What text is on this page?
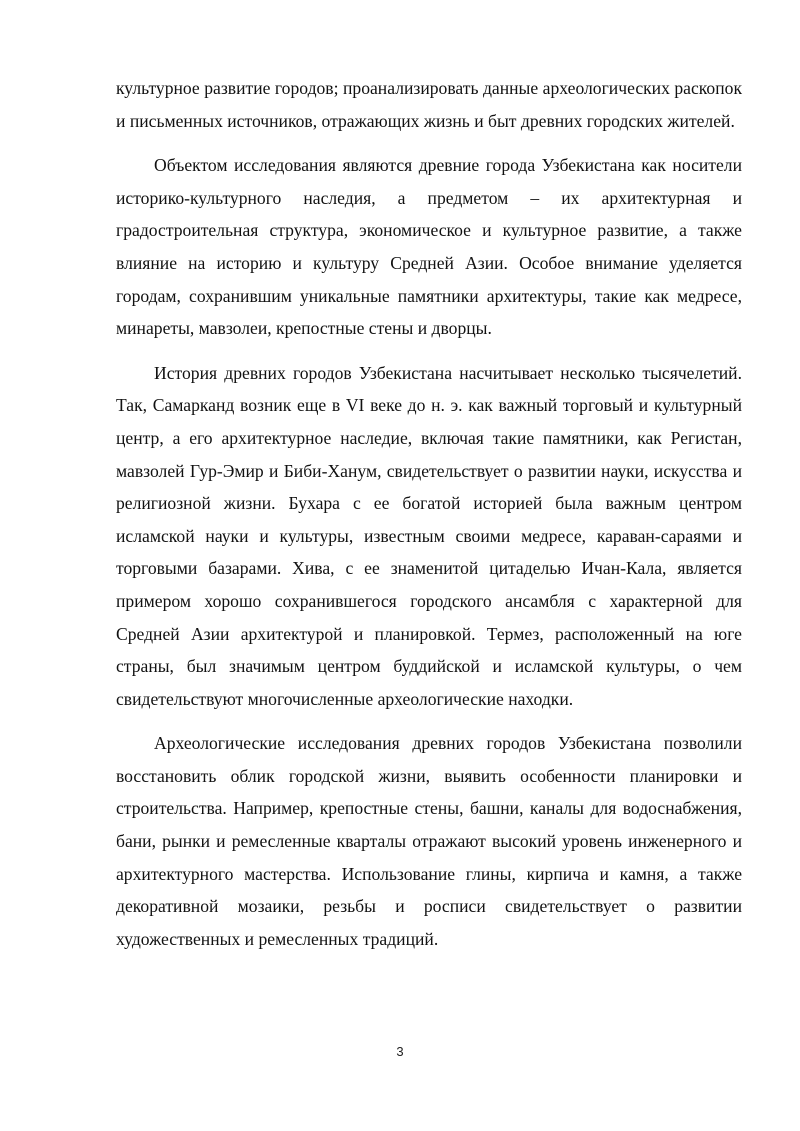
культурное развитие городов; проанализировать данные археологических раскопок и письменных источников, отражающих жизнь и быт древних городских жителей.

Объектом исследования являются древние города Узбекистана как носители историко-культурного наследия, а предметом – их архитектурная и градостроительная структура, экономическое и культурное развитие, а также влияние на историю и культуру Средней Азии. Особое внимание уделяется городам, сохранившим уникальные памятники архитектуры, такие как медресе, минареты, мавзолеи, крепостные стены и дворцы.

История древних городов Узбекистана насчитывает несколько тысячелетий. Так, Самарканд возник еще в VI веке до н. э. как важный торговый и культурный центр, а его архитектурное наследие, включая такие памятники, как Регистан, мавзолей Гур-Эмир и Биби-Ханум, свидетельствует о развитии науки, искусства и религиозной жизни. Бухара с ее богатой историей была важным центром исламской науки и культуры, известным своими медресе, караван-сараями и торговыми базарами. Хива, с ее знаменитой цитаделью Ичан-Кала, является примером хорошо сохранившегося городского ансамбля с характерной для Средней Азии архитектурой и планировкой. Термез, расположенный на юге страны, был значимым центром буддийской и исламской культуры, о чем свидетельствуют многочисленные археологические находки.

Археологические исследования древних городов Узбекистана позволили восстановить облик городской жизни, выявить особенности планировки и строительства. Например, крепостные стены, башни, каналы для водоснабжения, бани, рынки и ремесленные кварталы отражают высокий уровень инженерного и архитектурного мастерства. Использование глины, кирпича и камня, а также декоративной мозаики, резьбы и росписи свидетельствует о развитии художественных и ремесленных традиций.

3
